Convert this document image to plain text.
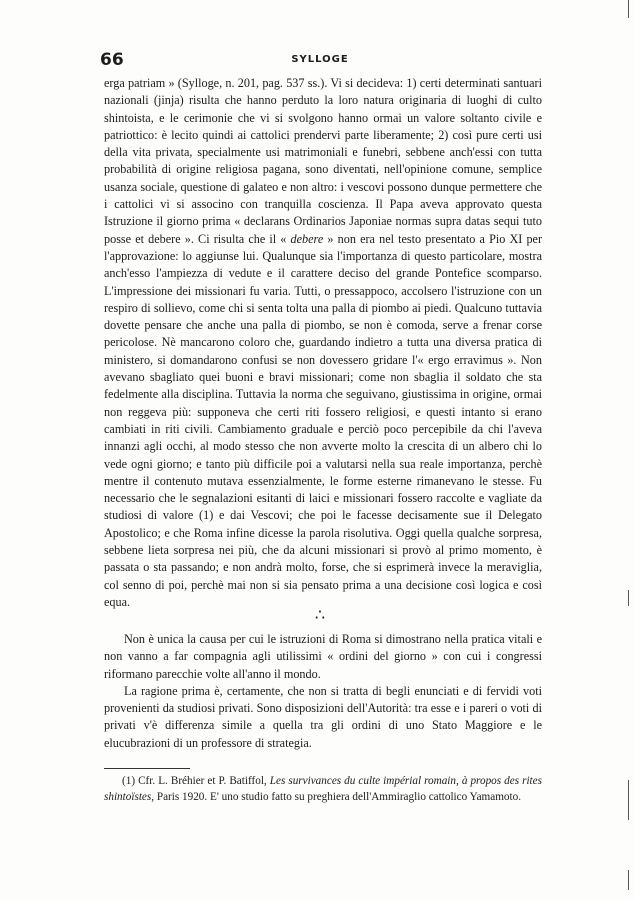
66	SYLLOGE

erga patriam » (Sylloge, n. 201, pag. 537 ss.). Vi si decideva: 1) certi determinati santuari nazionali (jinja) risulta che hanno perduto la loro natura originaria di luoghi di culto shintoista, e le cerimonie che vi si svolgono hanno ormai un valore soltanto civile e patriottico: è lecito quindi ai cattolici prendervi parte liberamente; 2) così pure certi usi della vita privata, specialmente usi matrimoniali e funebri, sebbene anch'essi con tutta probabilità di origine religiosa pagana, sono diventati, nell'opinione comune, semplice usanza sociale, questione di galateo e non altro: i vescovi possono dunque permettere che i cattolici vi si associno con tranquilla coscienza. Il Papa aveva approvato questa Istruzione il giorno prima « declarans Ordinarios Japoniae normas supra datas sequi tuto posse et debere ». Ci risulta che il « debere » non era nel testo presentato a Pio XI per l'approvazione: lo aggiunse lui. Qualunque sia l'importanza di questo particolare, mostra anch'esso l'ampiezza di vedute e il carattere deciso del grande Pontefice scomparso. L'impressione dei missionari fu varia. Tutti, o pressappoco, accolsero l'istruzione con un respiro di sollievo, come chi si senta tolta una palla di piombo ai piedi. Qualcuno tuttavia dovette pensare che anche una palla di piombo, se non è comoda, serve a frenar corse pericolose. Nè mancarono coloro che, guardando indietro a tutta una diversa pratica di ministero, si domandarono confusi se non dovessero gridare l'« ergo erravimus ». Non avevano sbagliato quei buoni e bravi missionari; come non sbaglia il soldato che sta fedelmente alla disciplina. Tuttavia la norma che seguivano, giustissima in origine, ormai non reggeva più: supponeva che certi riti fossero religiosi, e questi intanto si erano cambiati in riti civili. Cambiamento graduale e perciò poco percepibile da chi l'aveva innanzi agli occhi, al modo stesso che non avverte molto la crescita di un albero chi lo vede ogni giorno; e tanto più difficile poi a valutarsi nella sua reale importanza, perchè mentre il contenuto mutava essenzialmente, le forme esterne rimanevano le stesse. Fu necessario che le segnalazioni esitanti di laici e missionari fossero raccolte e vagliate da studiosi di valore (1) e dai Vescovi; che poi le facesse decisamente sue il Delegato Apostolico; e che Roma infine dicesse la parola risolutiva. Oggi quella qualche sorpresa, sebbene lieta sorpresa nei più, che da alcuni missionari si provò al primo momento, è passata o sta passando; e non andrà molto, forse, che si esprimerà invece la meraviglia, col senno di poi, perchè mai non si sia pensato prima a una decisione così logica e così equa.

∴

Non è unica la causa per cui le istruzioni di Roma si dimostrano nella pratica vitali e non vanno a far compagnia agli utilissimi « ordini del giorno » con cui i congressi riformano parecchie volte all'anno il mondo.

La ragione prima è, certamente, che non si tratta di begli enunciati e di fervidi voti provenienti da studiosi privati. Sono disposizioni dell'Autorità: tra esse e i pareri o voti di privati v'è differenza simile a quella tra gli ordini di uno Stato Maggiore e le elucubrazioni di un professore di strategia.

(1) Cfr. L. Bréhier et P. Batiffol, Les survivances du culte impérial romain, à propos des rites shintoïstes, Paris 1920. E' uno studio fatto su preghiera dell'Ammiraglio cattolico Yamamoto.
